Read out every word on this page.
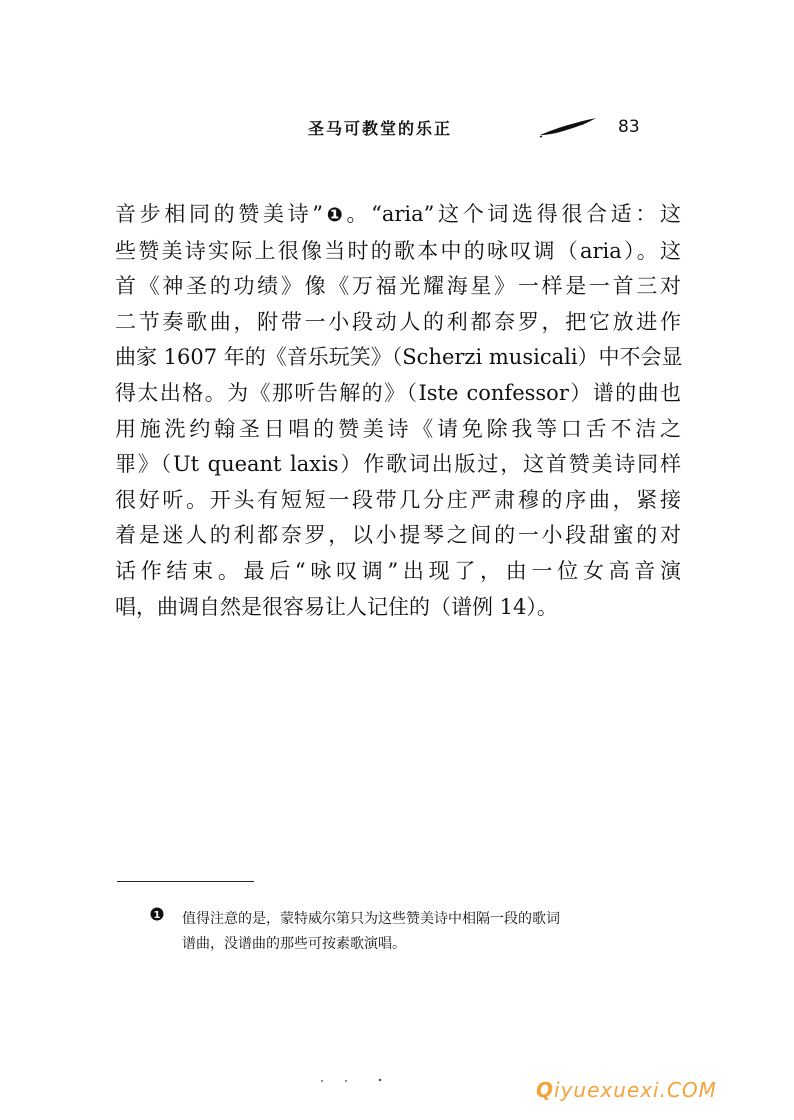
圣马可教堂的乐正	83
音步相同的赞美诗”❶。“aria”这个词选得很合适：这
些赞美诗实际上很像当时的歌本中的咏叹调（aria）。这
首《神圣的功绩》像《万福光耀海星》一样是一首三对
二节奏歌曲，附带一小段动人的利都奈罗，把它放进作
曲家 1607 年的《音乐玩笑》（Scherzi musicali）中不会显
得太出格。为《那听告解的》（Iste confessor）谱的曲也
用施洗约翰圣日唱的赞美诗《请免除我等口舌不洁之
罪》（Ut queant laxis）作歌词出版过，这首赞美诗同样
很好听。开头有短短一段带几分庄严肃穆的序曲，紧接
着是迷人的利都奈罗，以小提琴之间的一小段甜蜜的对
话作结束。最后“咏叹调”出现了，由一位女高音演
唱，曲调自然是很容易让人记住的（谱例 14）。
1 值得注意的是，蒙特威尔第只为这些赞美诗中相隔一段的歌词
谱曲，没谱曲的那些可按素歌演唱。
Qiyuexuexi.COM
